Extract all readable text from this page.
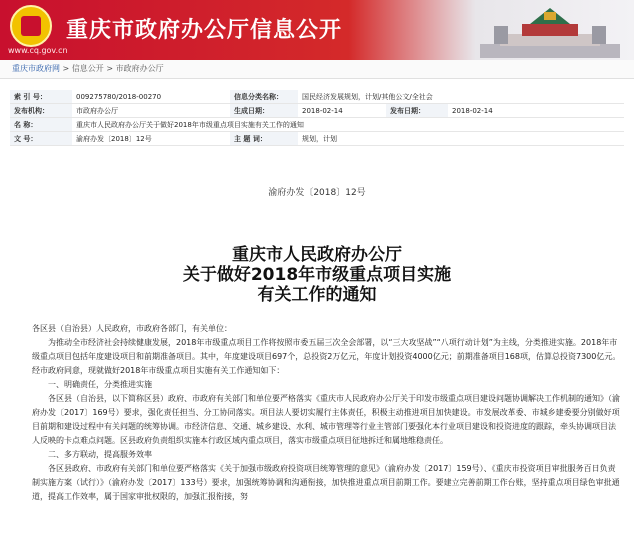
www.cq.gov.cn
重庆市政府办公厅信息公开
重庆市政府网 > 信息公开 > 市政府办公厅
索 引 号：	009275780/2018-00270	信息分类名称：	国民经济发展规划，计划/其他公文/全社会		
发布机构：	市政府办公厅	生成日期：	2018-02-14	发布日期：	2018-02-14
名 称：	重庆市人民政府办公厅关于做好2018年市级重点项目实施有关工作的通知				
文 号：	渝府办发〔2018〕12号	主 题 词：	规划，计划		
渝府办发〔2018〕12号
重庆市人民政府办公厅
关于做好2018年市级重点项目实施
有关工作的通知

各区县（自治县）人民政府，市政府各部门，有关单位：

为推动全市经济社会持续健康发展，2018年市级重点项目工作将按照市委五届三次全会部署，以“三大攻坚战”“八项行动计划”为主线，分类推进实施。2018年市级重点项目包括年度建设项目和前期准备项目。其中，年度建设项目697个，总投资2万亿元，年度计划投资4000亿元；前期准备项目168项，估算总投资7300亿元。经市政府同意，现就做好2018年市级重点项目实施有关工作通知如下：

一、明确责任，分类推进实施

各区县（自治县，以下简称区县）政府、市政府有关部门和单位要严格落实《重庆市人民政府办公厅关于印发市级重点项目建设问题协调解决工作机制的通知》（渝府办发〔2017〕169号）要求，强化责任担当、分工协同落实。项目法人要切实履行主体责任，积极主动推进项目加快建设。市发展改革委、市城乡建委要分别做好项目前期和建设过程中有关问题的统筹协调。市经济信息、交通、城乡建设、水利、城市管理等行业主管部门要强化本行业项目建设和投资进度的跟踪，牵头协调项目法人反映的卡点难点问题。区县政府负责组织实施本行政区域内重点项目，落实市级重点项目征地拆迁和属地维稳责任。

二、多方联动，提高服务效率

各区县政府、市政府有关部门和单位要严格落实《关于加强市级政府投资项目统筹管理的意见》（渝府办发〔2017〕159号）、《重庆市投资项目审批服务百日负责制实施方案（试行）》（渝府办发〔2017〕133号）要求，加强统筹协调和沟通衔接，加快推进重点项目前期工作。要建立完善前期工作台账，坚持重点项目绿色审批通道，提高工作效率，属于国家审批权限的，加强汇报衔接，努
